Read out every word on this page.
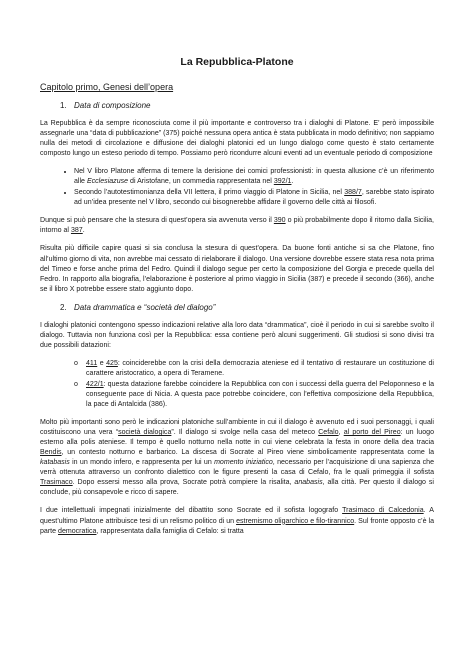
La Repubblica-Platone
Capitolo primo, Genesi dell’opera
1. Data di composizione

La Repubblica è da sempre riconosciuta come il più importante e controverso tra i dialoghi di Platone. E’ però impossibile assegnarle una “data di pubblicazione” (375) poiché nessuna opera antica è stata pubblicata in modo definitivo; non sappiamo nulla dei metodi di circolazione e diffusione dei dialoghi platonici ed un lungo dialogo come questo è stato certamente composto lungo un esteso periodo di tempo. Possiamo però ricondurre alcuni eventi ad un eventuale periodo di composizione

• Nel V libro Platone afferma di temere la derisione dei comici professionisti: in questa allusione c’è un riferimento alle Ecclesiazuse di Aristofane, un commedia rappresentata nel 392/1.
• Secondo l’autotestimonianza della VII lettera, il primo viaggio di Platone in Sicilia, nel 388/7, sarebbe stato ispirato ad un’idea presente nel V libro, secondo cui bisognerebbe affidare il governo delle città ai filosofi.

Dunque si può pensare che la stesura di quest’opera sia avvenuta verso il 390 o più probabilmente dopo il ritorno dalla Sicilia, intorno al 387.

Risulta più difficile capire quasi si sia conclusa la stesura di quest’opera. Da buone fonti antiche si sa che Platone, fino all’ultimo giorno di vita, non avrebbe mai cessato di rielaborare il dialogo. Una versione dovrebbe essere stata resa nota prima del Timeo e forse anche prima del Fedro. Quindi il dialogo segue per certo la composizione del Gorgia e precede quella del Fedro. In rapporto alla biografia, l’elaborazione è posteriore al primo viaggio in Sicilia (387) e precede il secondo (366), anche se il libro X potrebbe essere stato aggiunto dopo.

2. Data drammatica e “società del dialogo”

I dialoghi platonici contengono spesso indicazioni relative alla loro data “drammatica”, cioè il periodo in cui si sarebbe svolto il dialogo. Tuttavia non funziona così per la Repubblica: essa contiene però alcuni suggerimenti. Gli studiosi si sono divisi tra due possibili datazioni:

o 411 e 425: coinciderebbe con la crisi della democrazia ateniese ed il tentativo di restaurare un costituzione di carattere aristocratico, a opera di Teramene.
o 422/1: questa datazione farebbe coincidere la Repubblica con con i successi della guerra del Peloponneso e la conseguente pace di Nicia. A questa pace potrebbe coincidere, con l’effettiva composizione della Repubblica, la pace di Antalcida (386).

Molto più importanti sono però le indicazioni platoniche sull’ambiente in cui il dialogo è avvenuto ed i suoi personaggi, i quali costituiscono una vera “società dialogica”. Il dialogo si svolge nella casa del meteco Cefalo, al porto del Pireo: un luogo esterno alla polis ateniese. Il tempo è quello notturno nella notte in cui viene celebrata la festa in onore della dea tracia Bendis, un contesto notturno e barbarico. La discesa di Socrate al Pireo viene simbolicamente rappresentata come la katabasis in un mondo infero, e rappresenta per lui un momento iniziatico, necessario per l’acquisizione di una sapienza che verrà ottenuta attraverso un confronto dialettico con le figure presenti la casa di Cefalo, fra le quali primeggia il sofista Trasimaco. Dopo essersi messo alla prova, Socrate potrà compiere la risalita, anabasis, alla città. Per questo il dialogo si conclude, più consapevole e ricco di sapere.

I due intellettuali impegnati inizialmente del dibattito sono Socrate ed il sofista logografo Trasimaco di Calcedonia. A quest’ultimo Platone attribuisce tesi di un relismo politico di un estremismo oligarchico e filo-tirannico. Sul fronte opposto c’è la parte democratica, rappresentata dalla famiglia di Cefalo: si tratta
